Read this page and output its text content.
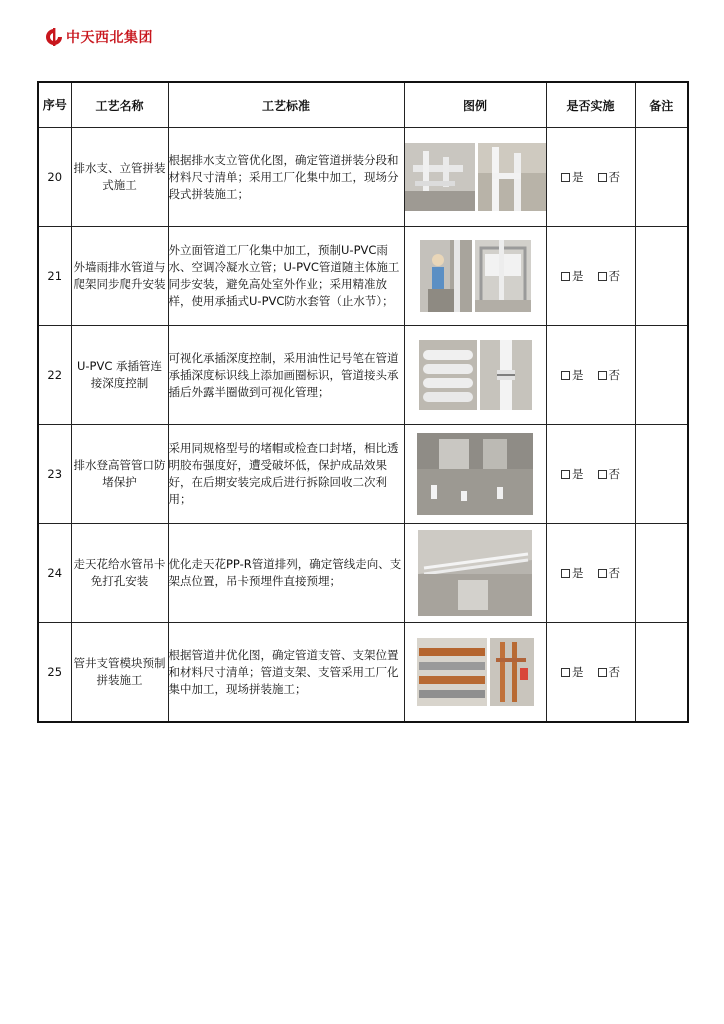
中天西北集团
序号	工艺名称	工艺标准	图例	是否实施	备注
20	排水支、立管拼装式施工	根据排水支立管优化图，确定管道拼装分段和材料尺寸清单；采用工厂化集中加工，现场分段式拼装施工；		是 否	
21	外墙雨排水管道与爬架同步爬升安装	外立面管道工厂化集中加工，预制U-PVC雨水、空调冷凝水立管；U-PVC管道随主体施工同步安装，避免高处室外作业；采用精准放样，使用承插式U-PVC防水套管（止水节）；		是 否	
22	U-PVC 承插管连接深度控制	可视化承插深度控制，采用油性记号笔在管道承插深度标识线上添加画圈标识，管道接头承插后外露半圈做到可视化管理；		是 否	
23	排水登高管管口防堵保护	采用同规格型号的堵帽或检查口封堵，相比透明胶布强度好，遭受破坏低，保护成品效果好，在后期安装完成后进行拆除回收二次利用；		是 否	
24	走天花给水管吊卡免打孔安装	优化走天花PP-R管道排列，确定管线走向、支架点位置，吊卡预埋件直接预埋；		是 否	
25	管井支管模块预制拼装施工	根据管道井优化图，确定管道支管、支架位置和材料尺寸清单；管道支架、支管采用工厂化集中加工，现场拼装施工；		是 否	
